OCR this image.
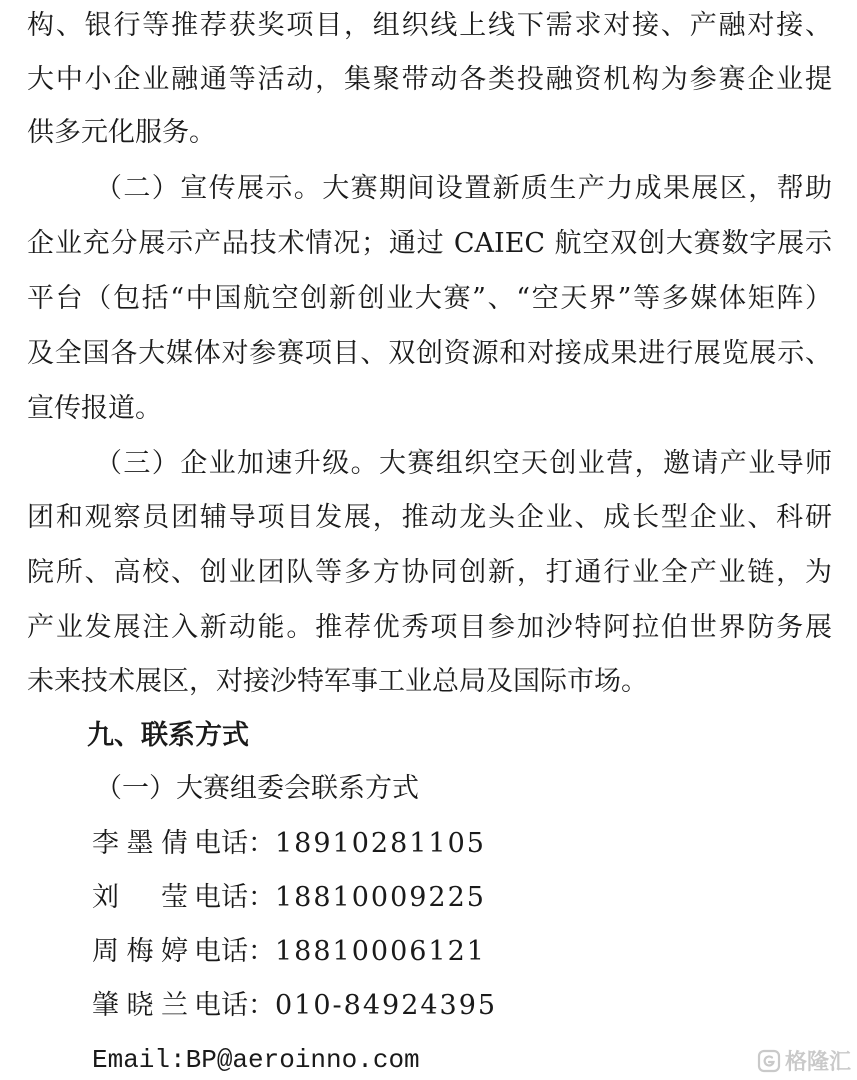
构、银行等推荐获奖项目，组织线上线下需求对接、产融对接、
大中小企业融通等活动，集聚带动各类投融资机构为参赛企业提
供多元化服务。
（二）宣传展示。大赛期间设置新质生产力成果展区，帮助
企业充分展示产品技术情况；通过 CAIEC 航空双创大赛数字展示
平台（包括“中国航空创新创业大赛”、“空天界”等多媒体矩阵）
及全国各大媒体对参赛项目、双创资源和对接成果进行展览展示、
宣传报道。
（三）企业加速升级。大赛组织空天创业营，邀请产业导师
团和观察员团辅导项目发展，推动龙头企业、成长型企业、科研
院所、高校、创业团队等多方协同创新，打通行业全产业链，为
产业发展注入新动能。推荐优秀项目参加沙特阿拉伯世界防务展
未来技术展区，对接沙特军事工业总局及国际市场。
九、联系方式
（一）大赛组委会联系方式
李墨倩 电话：18910281105
刘 莹 电话：18810009225
周梅婷 电话：18810006121
肇晓兰 电话：010-84924395
Email:BP@aeroinno.com	格隆汇
